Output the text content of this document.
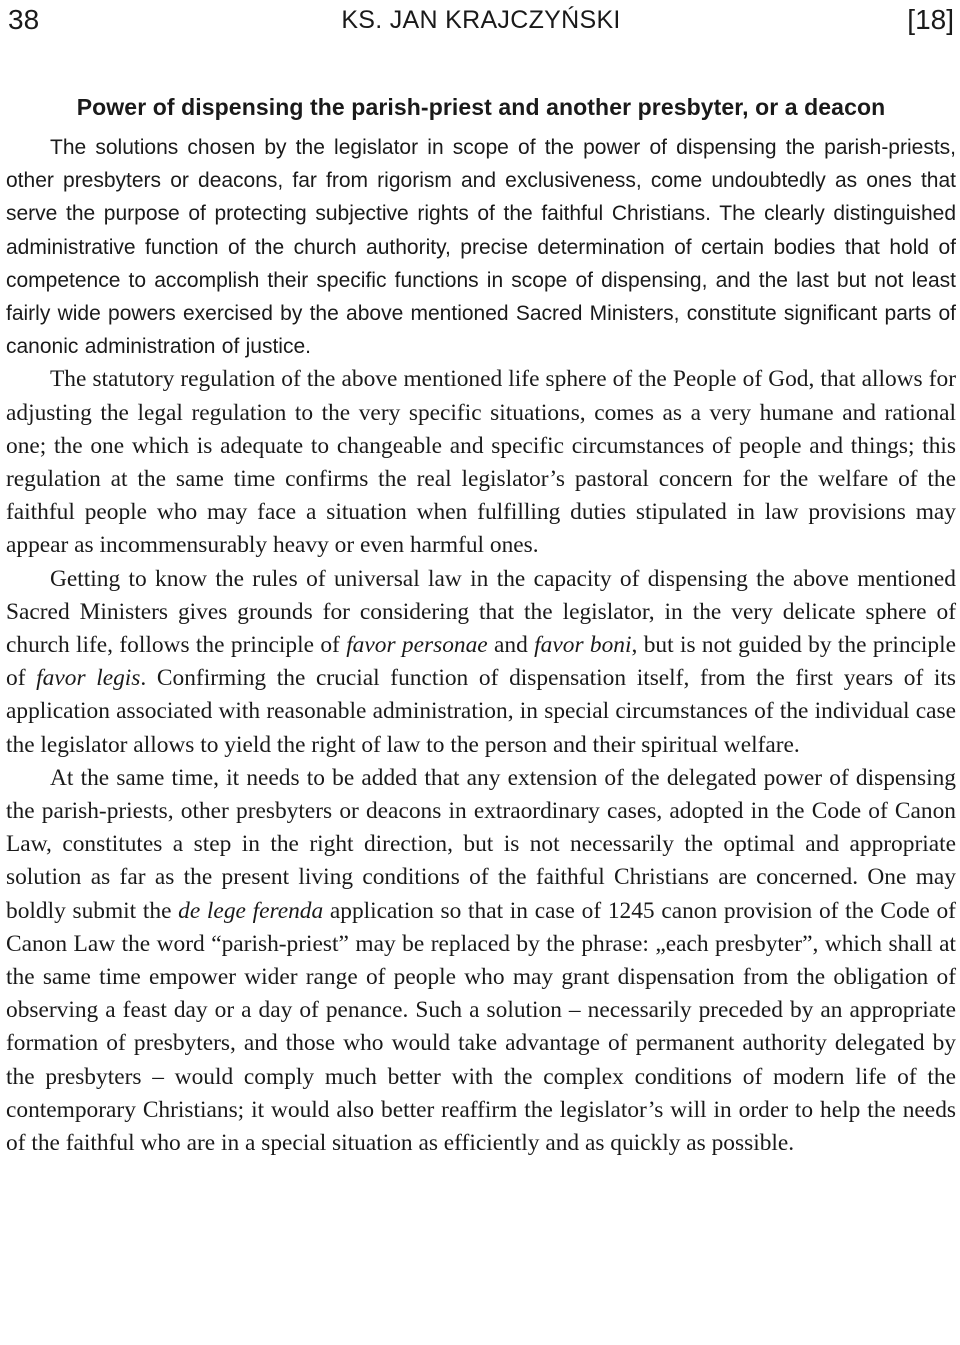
38	KS. JAN KRAJCZYŃSKI	[18]
Power of dispensing the parish-priest and another presbyter, or a deacon

The solutions chosen by the legislator in scope of the power of dispensing the parish-priests, other presbyters or deacons, far from rigorism and exclusiveness, come undoubtedly as ones that serve the purpose of protecting subjective rights of the faithful Christians. The clearly distinguished administrative function of the church authority, precise determination of certain bodies that hold of competence to accomplish their specific functions in scope of dispensing, and the last but not least fairly wide powers exercised by the above mentioned Sacred Ministers, constitute significant parts of canonic administration of justice.

The statutory regulation of the above mentioned life sphere of the People of God, that allows for adjusting the legal regulation to the very specific situations, comes as a very humane and rational one; the one which is adequate to changeable and specific circumstances of people and things; this regulation at the same time confirms the real legislator’s pastoral concern for the welfare of the faithful people who may face a situation when fulfilling duties stipulated in law provisions may appear as incommensurably heavy or even harmful ones.

Getting to know the rules of universal law in the capacity of dispensing the above mentioned Sacred Ministers gives grounds for considering that the legislator, in the very delicate sphere of church life, follows the principle of favor personae and favor boni, but is not guided by the principle of favor legis. Confirming the crucial function of dispensation itself, from the first years of its application associated with reasonable administration, in special circumstances of the individual case the legislator allows to yield the right of law to the person and their spiritual welfare.

At the same time, it needs to be added that any extension of the delegated power of dispensing the parish-priests, other presbyters or deacons in extraordinary cases, adopted in the Code of Canon Law, constitutes a step in the right direction, but is not necessarily the optimal and appropriate solution as far as the present living conditions of the faithful Christians are concerned. One may boldly submit the de lege ferenda application so that in case of 1245 canon provision of the Code of Canon Law the word “parish-priest” may be replaced by the phrase: „each presbyter”, which shall at the same time empower wider range of people who may grant dispensation from the obligation of observing a feast day or a day of penance. Such a solution – necessarily preceded by an appropriate formation of presbyters, and those who would take advantage of permanent authority delegated by the presbyters – would comply much better with the complex conditions of modern life of the contemporary Christians; it would also better reaffirm the legislator’s will in order to help the needs of the faithful who are in a special situation as efficiently and as quickly as possible.
